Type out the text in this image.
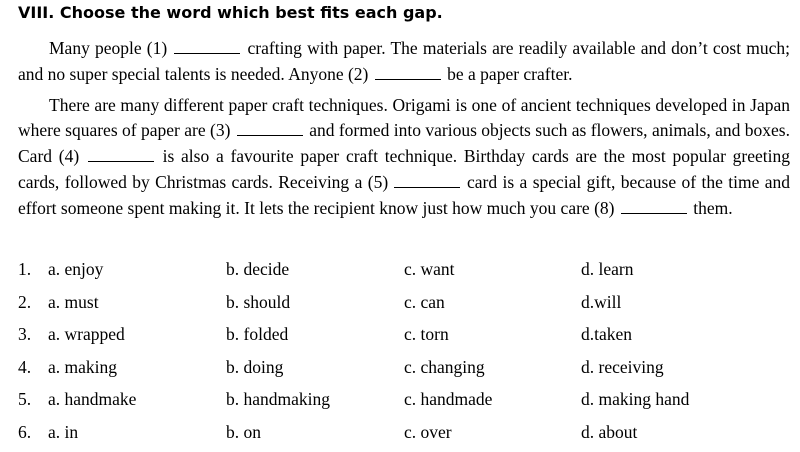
VIII. Choose the word which best fits each gap.

Many people (1)	crafting with paper. The materials are readily available and don’t cost much; and no super special talents is needed. Anyone (2)	be a paper crafter.

There are many different paper craft techniques. Origami is one of ancient techniques developed in Japan where squares of paper are (3)	and formed into various objects such as flowers, animals, and boxes. Card (4)	is also a favourite paper craft technique. Birthday cards are the most popular greeting cards, followed by Christmas cards. Receiving a (5)	card is a special gift, because of the time and effort someone spent making it. It lets the recipient know just how much you care (8)	them.

1. a. enjoy	b. decide	c. want	d. learn
2. a. must	b. should	c. can	d.will
3. a. wrapped	b. folded	c. torn	d.taken
4. a. making	b. doing	c. changing	d. receiving
5. a. handmake	b. handmaking	c. handmade	d. making hand
6. a. in	b. on	c. over	d. about
